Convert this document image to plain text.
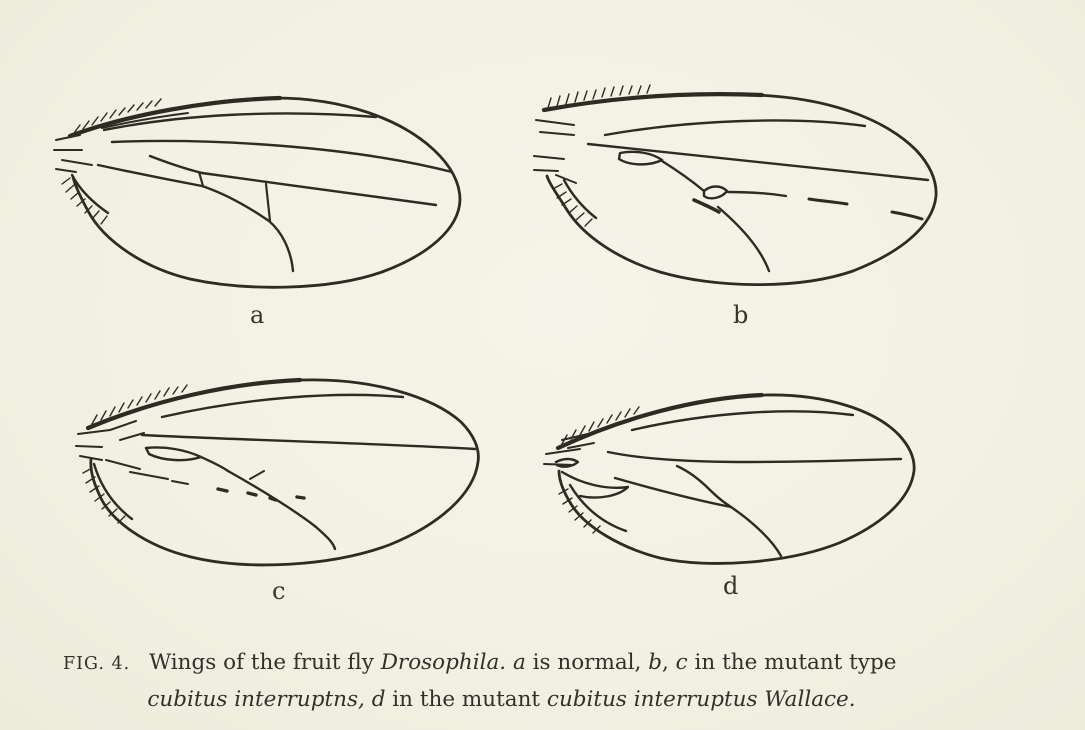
a	b
c	d
FIG. 4. Wings of the fruit fly Drosophila. a is normal, b, c in the mutant type
cubitus interruptns, d in the mutant cubitus interruptus Wallace.
